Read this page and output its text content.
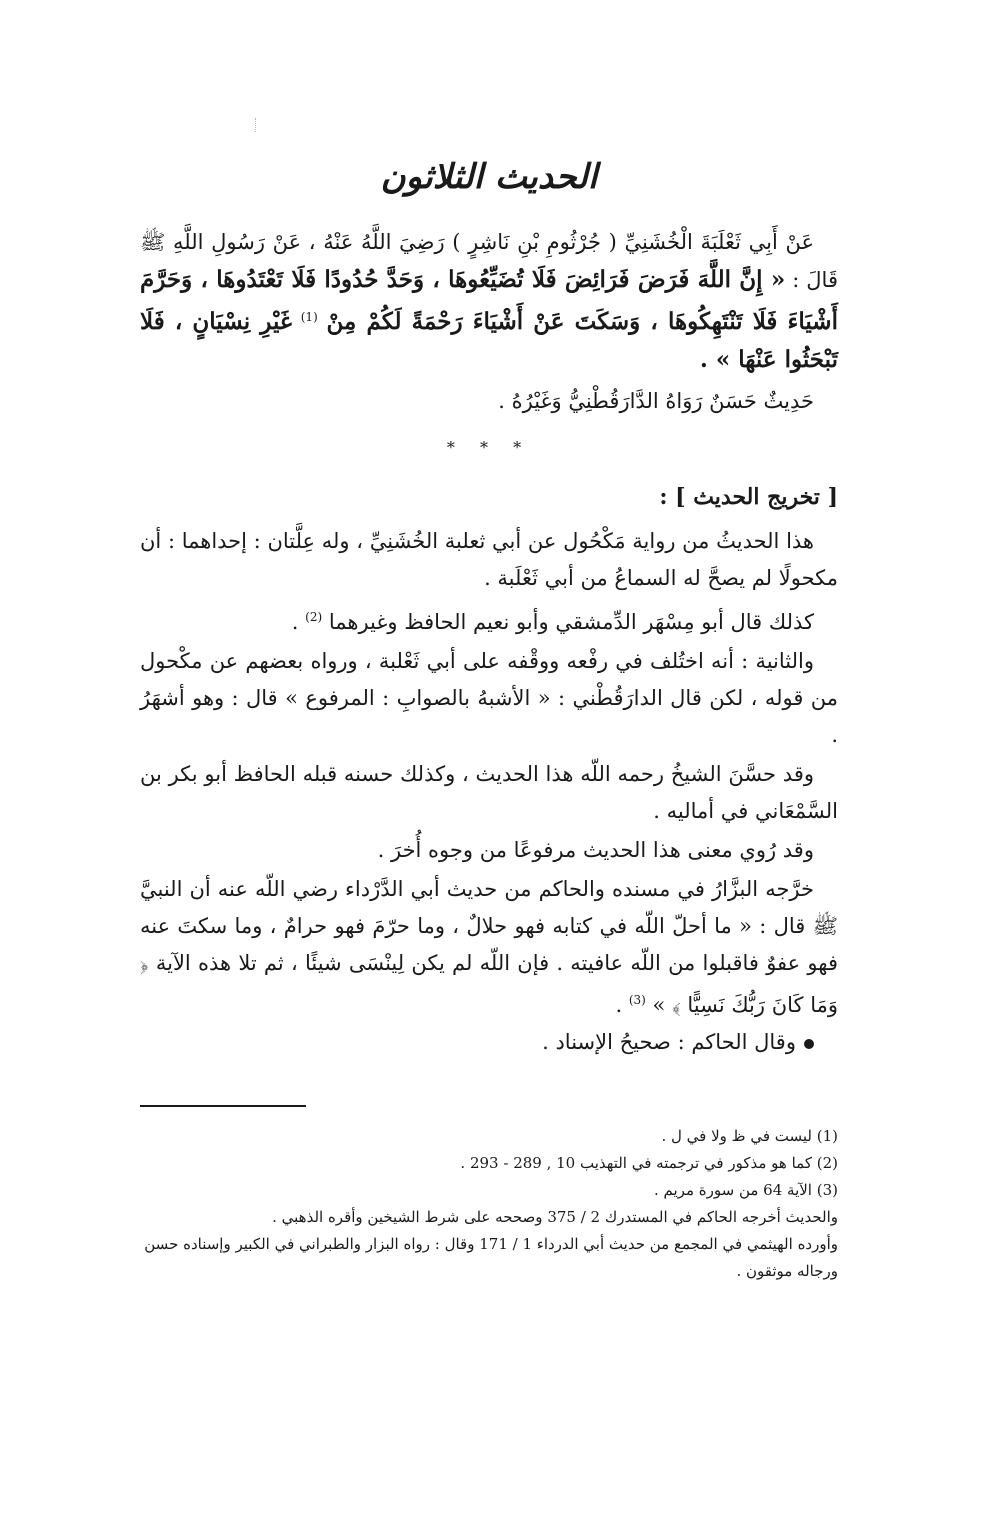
الحديث الثلاثون

عَنْ أَبِي ثَعْلَبَةَ الْخُشَنِيِّ ( جُرْثُومِ بْنِ نَاشِرٍ ) رَضِيَ اللَّهُ عَنْهُ ، عَنْ رَسُولِ اللَّهِ ﷺ قَالَ : « إِنَّ اللَّهَ فَرَضَ فَرَائِضَ فَلَا تُضَيِّعُوهَا ، وَحَدَّ حُدُودًا فَلَا تَعْتَدُوهَا ، وَحَرَّمَ أَشْيَاءَ فَلَا تَنْتَهِكُوهَا ، وَسَكَتَ عَنْ أَشْيَاءَ رَحْمَةً لَكُمْ مِنْ $^{(1)}$ غَيْرِ نِسْيَانٍ ، فَلَا تَبْحَثُوا عَنْهَا » .

حَدِيثٌ حَسَنٌ رَوَاهُ الدَّارَقُطْنِيُّ وَغَيْرُهُ .

* * *
[ تخريج الحديث ] :

هذا الحديثُ من رواية مَكْحُول عن أبي ثعلبة الخُشَنِيِّ ، وله عِلَّتان : إحداهما : أن مكحولًا لم يصحَّ له السماعُ من أبي ثَعْلَبة .

كذلك قال أبو مِسْهَر الدِّمشقي وأبو نعيم الحافظ وغيرهما $^{(2)}$ .

والثانية : أنه اختُلف في رفْعه ووقْفه على أبي ثَعْلبة ، ورواه بعضهم عن مكْحول من قوله ، لكن قال الدارَقُطْني : « الأشبهُ بالصوابِ : المرفوع » قال : وهو أشهَرُ .

وقد حسَّنَ الشيخُ رحمه اللّه هذا الحديث ، وكذلك حسنه قبله الحافظ أبو بكر بن السَّمْعَاني في أماليه .

وقد رُوي معنى هذا الحديث مرفوعًا من وجوه أُخرَ .

خرَّجه البزَّارُ في مسنده والحاكم من حديث أبي الدَّرْداء رضي اللّه عنه أن النبيَّ ﷺ قال : « ما أحلّ اللّه في كتابه فهو حلالٌ ، وما حرّمَ فهو حرامٌ ، وما سكتَ عنه فهو عفوٌ فاقبلوا من اللّه عافيته . فإن اللّه لم يكن لِينْسَى شيئًا ، ثم تلا هذه الآية ﴿ وَمَا كَانَ رَبُّكَ نَسِيًّا ﴾ » $^{(3)}$ .

وقال الحاكم : صحيحُ الإسناد .

(1) ليست في ظ ولا في ل .

(2) كما هو مذكور في ترجمته في التهذيب 10 , 289 - 293 .

(3) الآية 64 من سورة مريم .

والحديث أخرجه الحاكم في المستدرك 2 / 375 وصححه على شرط الشيخين وأقره الذهبي .

وأورده الهيثمي في المجمع من حديث أبي الدرداء 1 / 171 وقال : رواه البزار والطبراني في الكبير وإسناده حسن ورجاله موثقون .
